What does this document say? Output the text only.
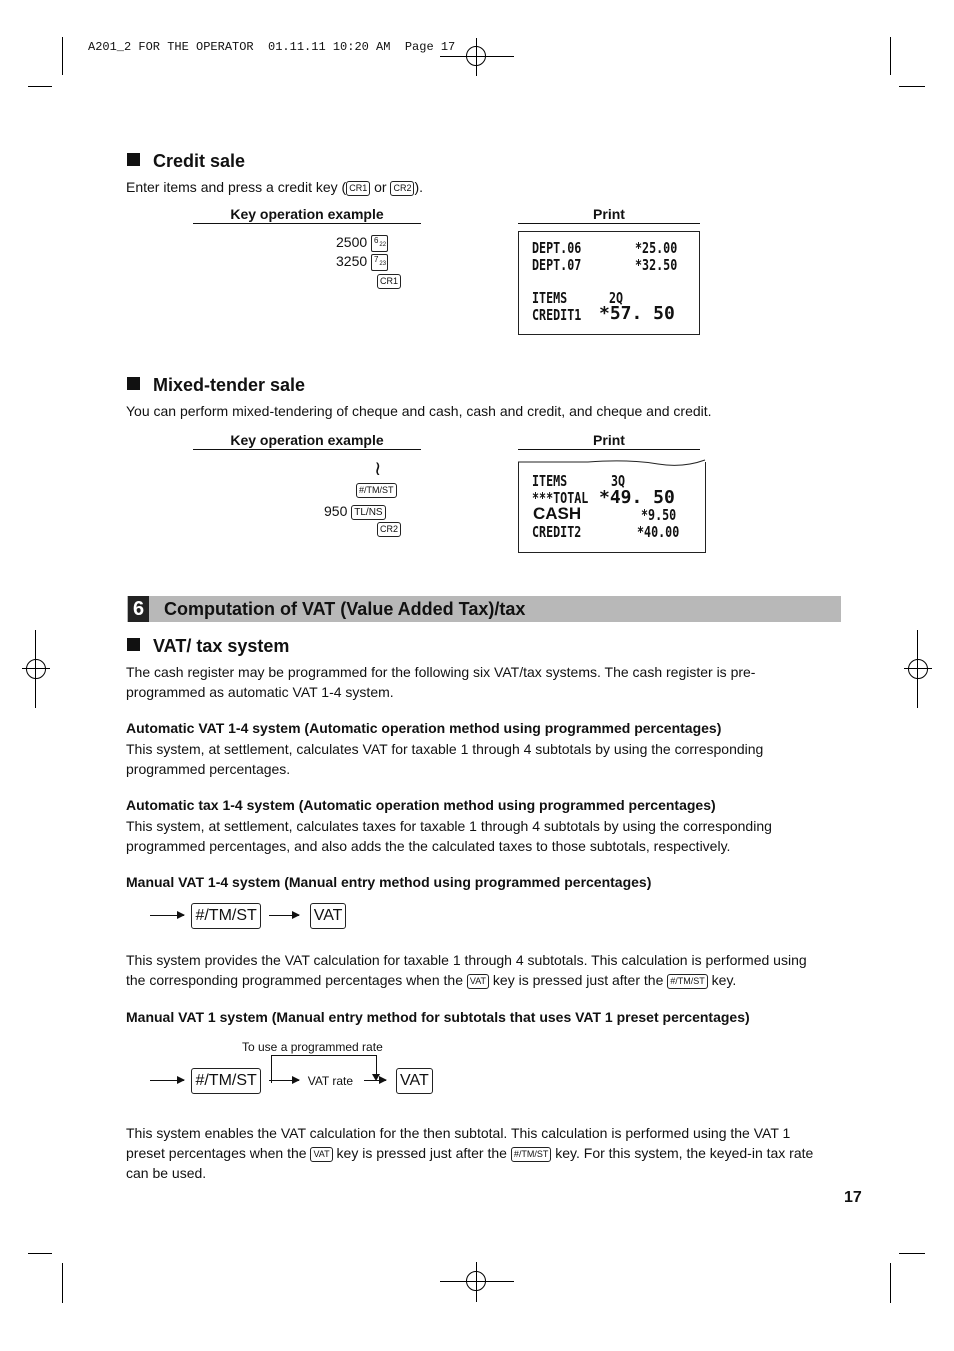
A201_2 FOR THE OPERATOR  01.11.11 10:20 AM  Page 17
Credit sale
Enter items and press a credit key ( CR1 or CR2 ).
Key operation example	Print
2500 6 22
3250 7 23
CR1
DEPT.06	*25.00
DEPT.07	*32.50
ITEMS	2Q
CREDIT1 *57. 50
Mixed-tender sale
You can perform mixed-tendering of cheque and cash, cash and credit, and cheque and credit.
Key operation example	Print
≀
#/TM/ST
950 TL/NS
CR2
ITEMS	3Q
***TOTAL *49. 50
CASH	*9.50
CREDIT2	*40.00
6 Computation of VAT (Value Added Tax)/tax
VAT/ tax system
The cash register may be programmed for the following six VAT/tax systems. The cash register is pre-
programmed as automatic VAT 1-4 system.
Automatic VAT 1-4 system (Automatic operation method using programmed percentages)
This system, at settlement, calculates VAT for taxable 1 through 4 subtotals by using the corresponding
programmed percentages.
Automatic tax 1-4 system (Automatic operation method using programmed percentages)
This system, at settlement, calculates taxes for taxable 1 through 4 subtotals by using the corresponding
programmed percentages, and also adds the the calculated taxes to those subtotals, respectively.
Manual VAT 1-4 system (Manual entry method using programmed percentages)
#/TM/ST	VAT
This system provides the VAT calculation for taxable 1 through 4 subtotals. This calculation is performed using
the corresponding programmed percentages when the VAT key is pressed just after the #/TM/ST key.
Manual VAT 1 system (Manual entry method for subtotals that uses VAT 1 preset percentages)
To use a programmed rate
#/TM/ST	VAT rate	VAT
This system enables the VAT calculation for the then subtotal. This calculation is performed using the VAT 1
preset percentages when the VAT key is pressed just after the #/TM/ST key. For this system, the keyed-in tax rate
can be used.
17
